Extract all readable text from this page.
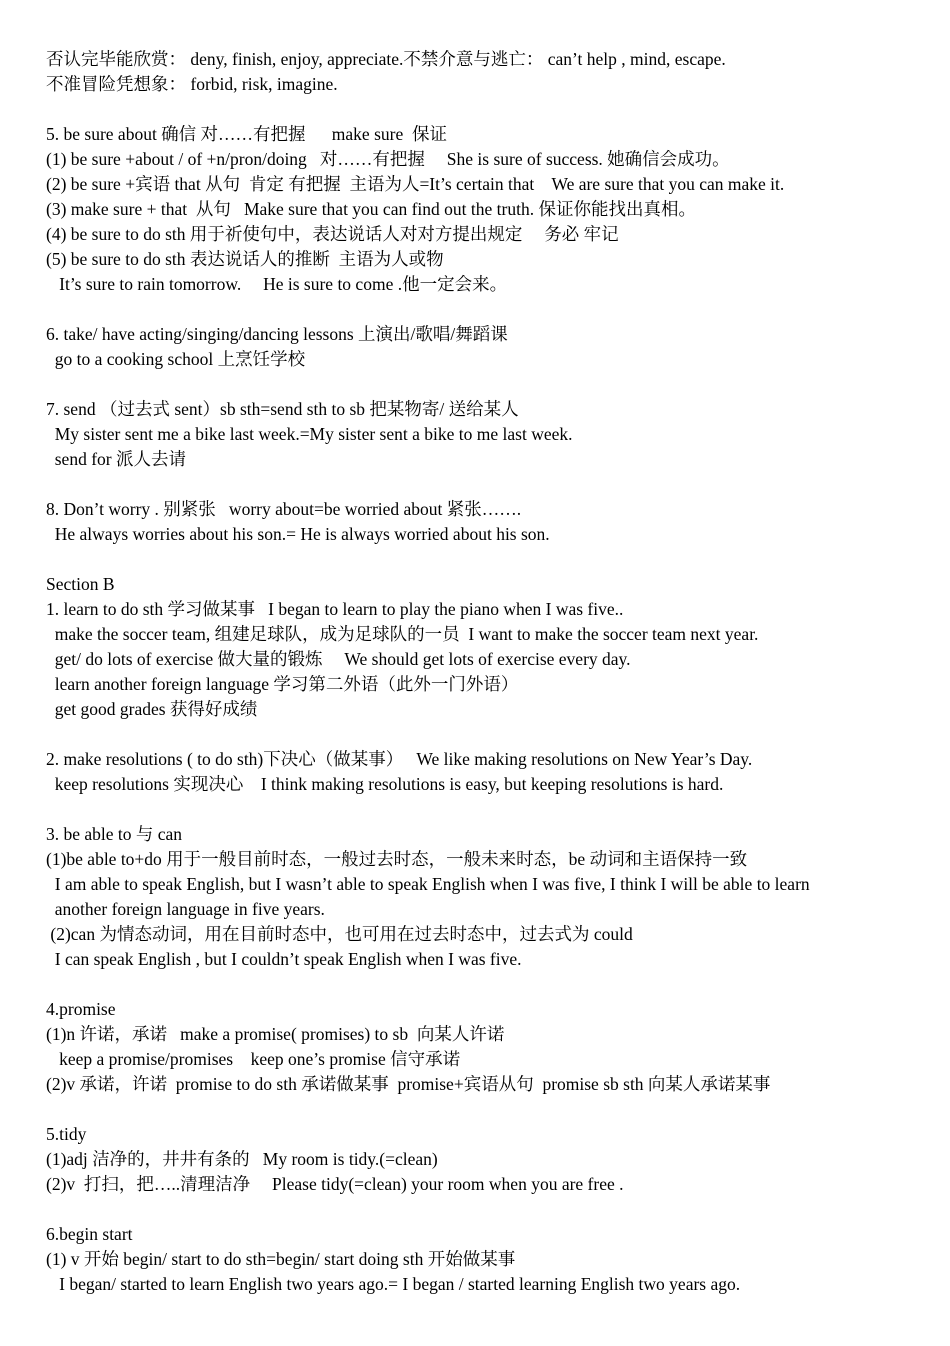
否认完毕能欣赏： deny, finish, enjoy, appreciate.不禁介意与逃亡： can’t help , mind, escape.
不准冒险凭想象： forbid, risk, imagine.
5. be sure about 确信 对……有把握      make sure  保证
(1) be sure +about / of +n/pron/doing   对……有把握     She is sure of success. 她确信会成功。
(2) be sure +宾语 that 从句  肯定 有把握  主语为人=It’s certain that    We are sure that you can make it.
(3) make sure + that  从句   Make sure that you can find out the truth. 保证你能找出真相。
(4) be sure to do sth 用于祈使句中，表达说话人对对方提出规定     务必 牢记
(5) be sure to do sth 表达说话人的推断  主语为人或物
It’s sure to rain tomorrow.     He is sure to come .他一定会来。
6. take/ have acting/singing/dancing lessons 上演出/歌唱/舞蹈课
go to a cooking school 上烹饪学校
7. send （过去式 sent）sb sth=send sth to sb 把某物寄/ 送给某人
My sister sent me a bike last week.=My sister sent a bike to me last week.
send for 派人去请
8. Don’t worry . 别紧张   worry about=be worried about 紧张…….
He always worries about his son.= He is always worried about his son.
Section B
1. learn to do sth 学习做某事   I began to learn to play the piano when I was five..
make the soccer team, 组建足球队，成为足球队的一员  I want to make the soccer team next year.
get/ do lots of exercise 做大量的锻炼     We should get lots of exercise every day.
learn another foreign language 学习第二外语（此外一门外语）
get good grades 获得好成绩
2. make resolutions ( to do sth)下决心（做某事）   We like making resolutions on New Year’s Day.
keep resolutions 实现决心    I think making resolutions is easy, but keeping resolutions is hard.
3. be able to 与 can
(1)be able to+do 用于一般目前时态，一般过去时态，一般未来时态，be 动词和主语保持一致
I am able to speak English, but I wasn’t able to speak English when I was five, I think I will be able to learn
another foreign language in five years.
(2)can 为情态动词，用在目前时态中，也可用在过去时态中，过去式为 could
I can speak English , but I couldn’t speak English when I was five.
4.promise
(1)n 许诺，承诺   make a promise( promises) to sb  向某人许诺
keep a promise/promises    keep one’s promise 信守承诺
(2)v 承诺，许诺  promise to do sth 承诺做某事  promise+宾语从句  promise sb sth 向某人承诺某事
5.tidy
(1)adj 洁净的，井井有条的   My room is tidy.(=clean)
(2)v  打扫，把…..清理洁净     Please tidy(=clean) your room when you are free .
6.begin start
(1) v 开始 begin/ start to do sth=begin/ start doing sth 开始做某事
I began/ started to learn English two years ago.= I began / started learning English two years ago.
